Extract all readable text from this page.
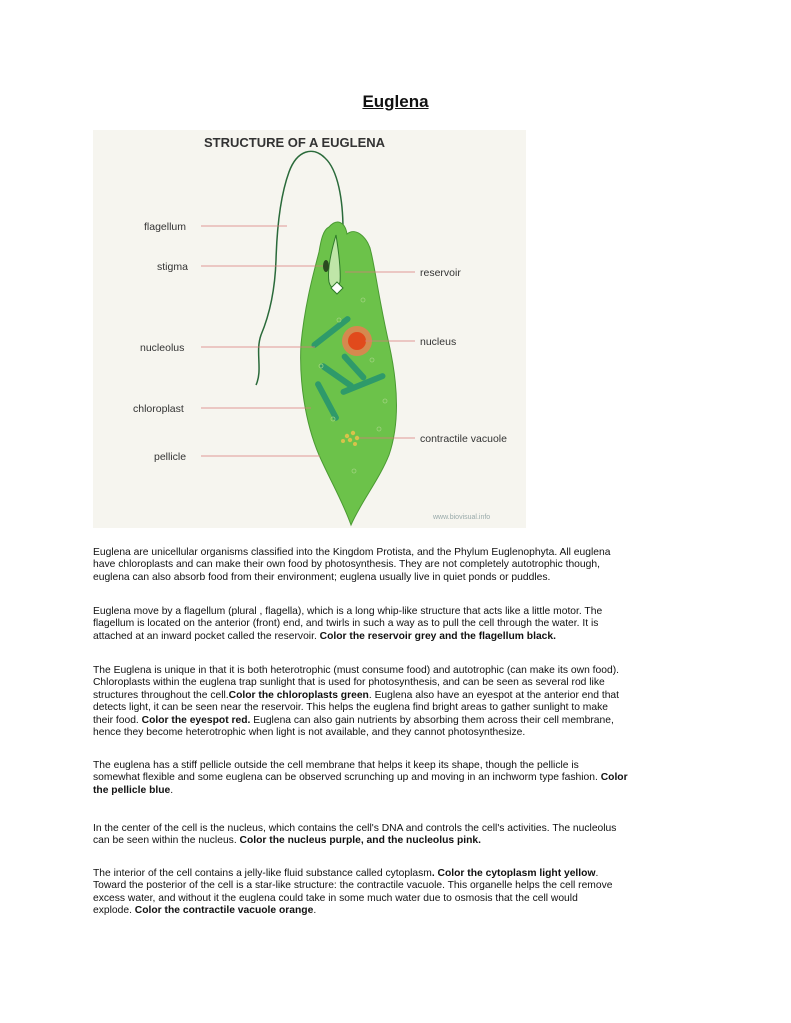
Euglena
STRUCTURE OF A EUGLENA
flagellum
stigma
nucleolus
chloroplast
pellicle
reservoir
nucleus
contractile vacuole
www.biovisual.info
Euglena are unicellular organisms classified into the Kingdom Protista, and the Phylum Euglenophyta. All euglena
have chloroplasts and can make their own food by photosynthesis. They are not completely autotrophic though,
euglena can also absorb food from their environment; euglena usually live in quiet ponds or puddles.
Euglena move by a flagellum (plural , flagella), which is a long whip-like structure that acts like a little motor. The
flagellum is located on the anterior (front) end, and twirls in such a way as to pull the cell through the water. It is
attached at an inward pocket called the reservoir. Color the reservoir grey and the flagellum black.
The Euglena is unique in that it is both heterotrophic (must consume food) and autotrophic (can make its own food).
Chloroplasts within the euglena trap sunlight that is used for photosynthesis, and can be seen as several rod like
structures throughout the cell.Color the chloroplasts green. Euglena also have an eyespot at the anterior end that
detects light, it can be seen near the reservoir. This helps the euglena find bright areas to gather sunlight to make
their food. Color the eyespot red. Euglena can also gain nutrients by absorbing them across their cell membrane,
hence they become heterotrophic when light is not available, and they cannot photosynthesize.
The euglena has a stiff pellicle outside the cell membrane that helps it keep its shape, though the pellicle is
somewhat flexible and some euglena can be observed scrunching up and moving in an inchworm type fashion. Color
the pellicle blue.
In the center of the cell is the nucleus, which contains the cell's DNA and controls the cell's activities. The nucleolus
can be seen within the nucleus. Color the nucleus purple, and the nucleolus pink.
The interior of the cell contains a jelly-like fluid substance called cytoplasm. Color the cytoplasm light yellow.
Toward the posterior of the cell is a star-like structure: the contractile vacuole. This organelle helps the cell remove
excess water, and without it the euglena could take in some much water due to osmosis that the cell would
explode. Color the contractile vacuole orange.
